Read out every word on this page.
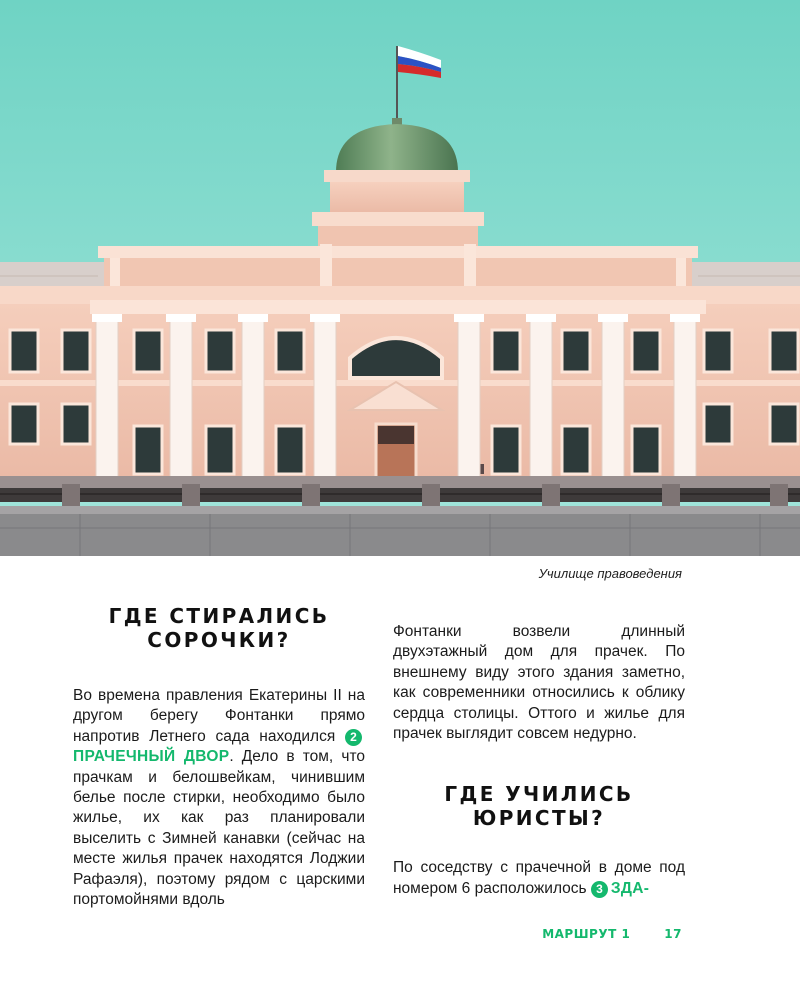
Училище правоведения
ГДЕ СТИРАЛИСЬ
СОРОЧКИ?

Во времена правления Екатерины II на другом берегу Фонтанки прямо напротив Летнего сада находился 2ПРАЧЕЧНЫЙ ДВОР. Дело в том, что прачкам и белошвейкам, чинившим белье после стирки, необходимо было жилье, их как раз планировали выселить с Зимней канавки (сейчас на месте жилья прачек находятся Лоджии Рафаэля), поэтому рядом с царскими портомойнями вдоль

Фонтанки возвели длинный двухэтажный дом для прачек. По внешнему виду этого здания заметно, как современники относились к облику сердца столицы. Оттого и жилье для прачек выглядит совсем недурно.

ГДЕ УЧИЛИСЬ
ЮРИСТЫ?

По соседству с прачечной в доме под номером 6 расположилось 3 ЗДА-

МАРШРУТ 1	17
